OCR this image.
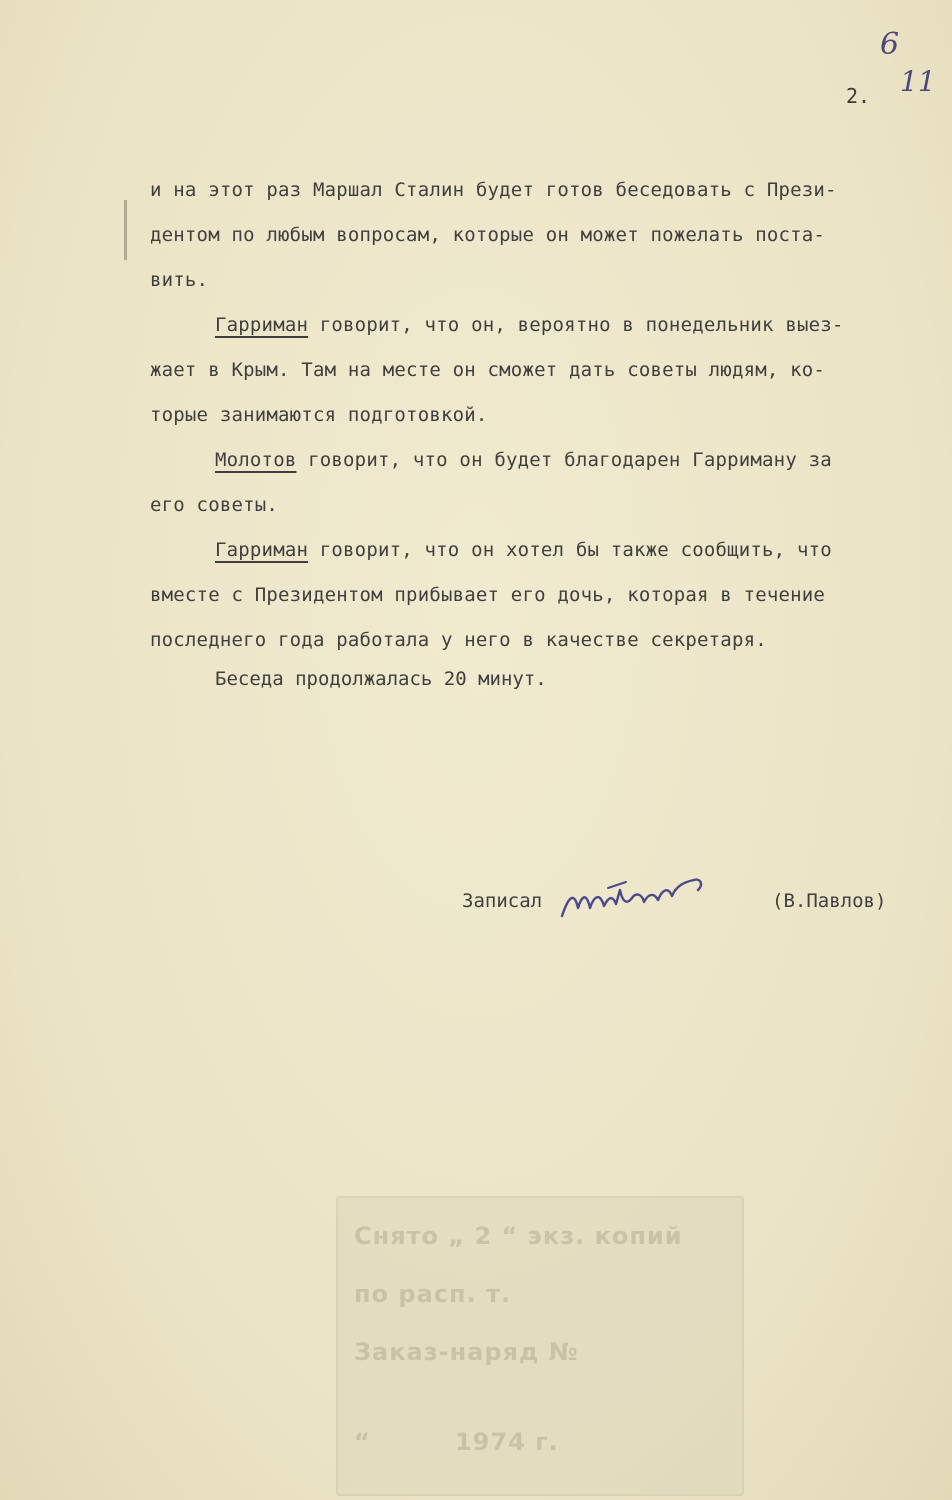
6
11
2.
и на этот раз Маршал Сталин будет готов беседовать с Прези-
дентом по любым вопросам, которые он может пожелать поста-
вить.
Гарриман говорит, что он, вероятно в понедельник выез-
жает в Крым. Там на месте он сможет дать советы людям, ко-
торые занимаются подготовкой.
Молотов говорит, что он будет благодарен Гарриману за
его советы.
Гарриман говорит, что он хотел бы также сообщить, что
вместе с Президентом прибывает его дочь, которая в течение
последнего года работала у него в качестве секретаря.
Беседа продолжалась 20 минут.
Записал	(В.Павлов)
Снято „ 2 “ экз. копий
по расп. т.
Заказ-наряд №
“         1974 г.
